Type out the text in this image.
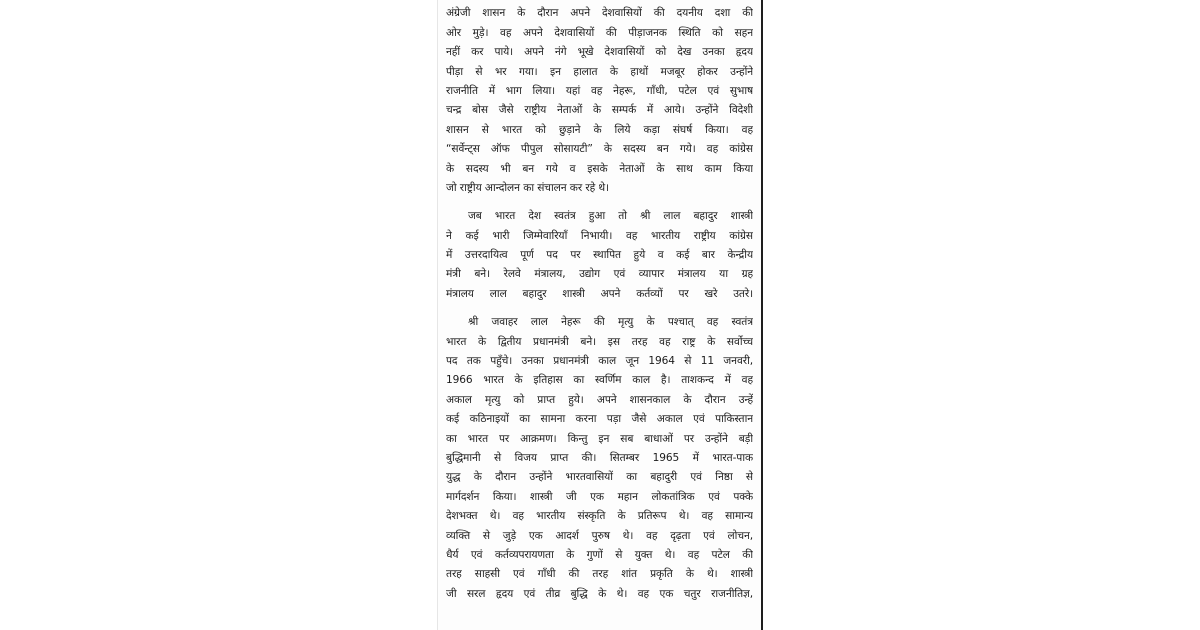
अंग्रेजी शासन के दौरान अपने देशवासियों की दयनीय दशा की
ओर मुड़े। वह अपने देशवासियों की पीड़ाजनक स्थिति को सहन
नहीं कर पाये। अपने नंगे भूखे देशवासियों को देख उनका हृदय
पीड़ा से भर गया। इन हालात के हाथों मजबूर होकर उन्होंने
राजनीति में भाग लिया। यहां वह नेहरू, गाँधी, पटेल एवं सुभाष
चन्द्र बोस जैसे राष्ट्रीय नेताओं के सम्पर्क में आये। उन्होंने विदेशी
शासन से भारत को छुड़ाने के लिये कड़ा संघर्ष किया। वह
“सर्वेन्ट्स ऑफ पीपुल सोसायटी” के सदस्य बन गये। वह कांग्रेस
के सदस्य भी बन गये व इसके नेताओं के साथ काम किया
जो राष्ट्रीय आन्दोलन का संचालन कर रहे थे।
जब भारत देश स्वतंत्र हुआ तो श्री लाल बहादुर शास्त्री
ने कई भारी जिम्मेवारियाँ निभायी। वह भारतीय राष्ट्रीय कांग्रेस
में उत्तरदायित्व पूर्ण पद पर स्थापित हुये व कई बार केन्द्रीय
मंत्री बने। रेलवे मंत्रालय, उद्योग एवं व्यापार मंत्रालय या ग्रह
मंत्रालय लाल बहादुर शास्त्री अपने कर्तव्यों पर खरे उतरे।
श्री जवाहर लाल नेहरू की मृत्यु के पश्चात् वह स्वतंत्र
भारत के द्वितीय प्रधानमंत्री बने। इस तरह वह राष्ट्र के सर्वोच्च
पद तक पहुँचे। उनका प्रधानमंत्री काल जून 1964 से 11 जनवरी,
1966 भारत के इतिहास का स्वर्णिम काल है। ताशकन्द में वह
अकाल मृत्यु को प्राप्त हुये। अपने शासनकाल के दौरान उन्हें
कई कठिनाइयों का सामना करना पड़ा जैसे अकाल एवं पाकिस्तान
का भारत पर आक्रमण। किन्तु इन सब बाधाओं पर उन्होंने बड़ी
बुद्धिमानी से विजय प्राप्त की। सितम्बर 1965 में भारत-पाक
युद्ध के दौरान उन्होंने भारतवासियों का बहादुरी एवं निष्ठा से
मार्गदर्शन किया। शास्त्री जी एक महान लोकतांत्रिक एवं पक्के
देशभक्त थे। वह भारतीय संस्कृति के प्रतिरूप थे। वह सामान्य
व्यक्ति से जुड़े एक आदर्श पुरुष थे। वह दृढ़ता एवं लोचन,
धैर्य एवं कर्तव्यपरायणता के गुणों से युक्त थे। वह पटेल की
तरह साहसी एवं गाँधी की तरह शांत प्रकृति के थे। शास्त्री
जी सरल हृदय एवं तीव्र बुद्धि के थे। वह एक चतुर राजनीतिज्ञ,
